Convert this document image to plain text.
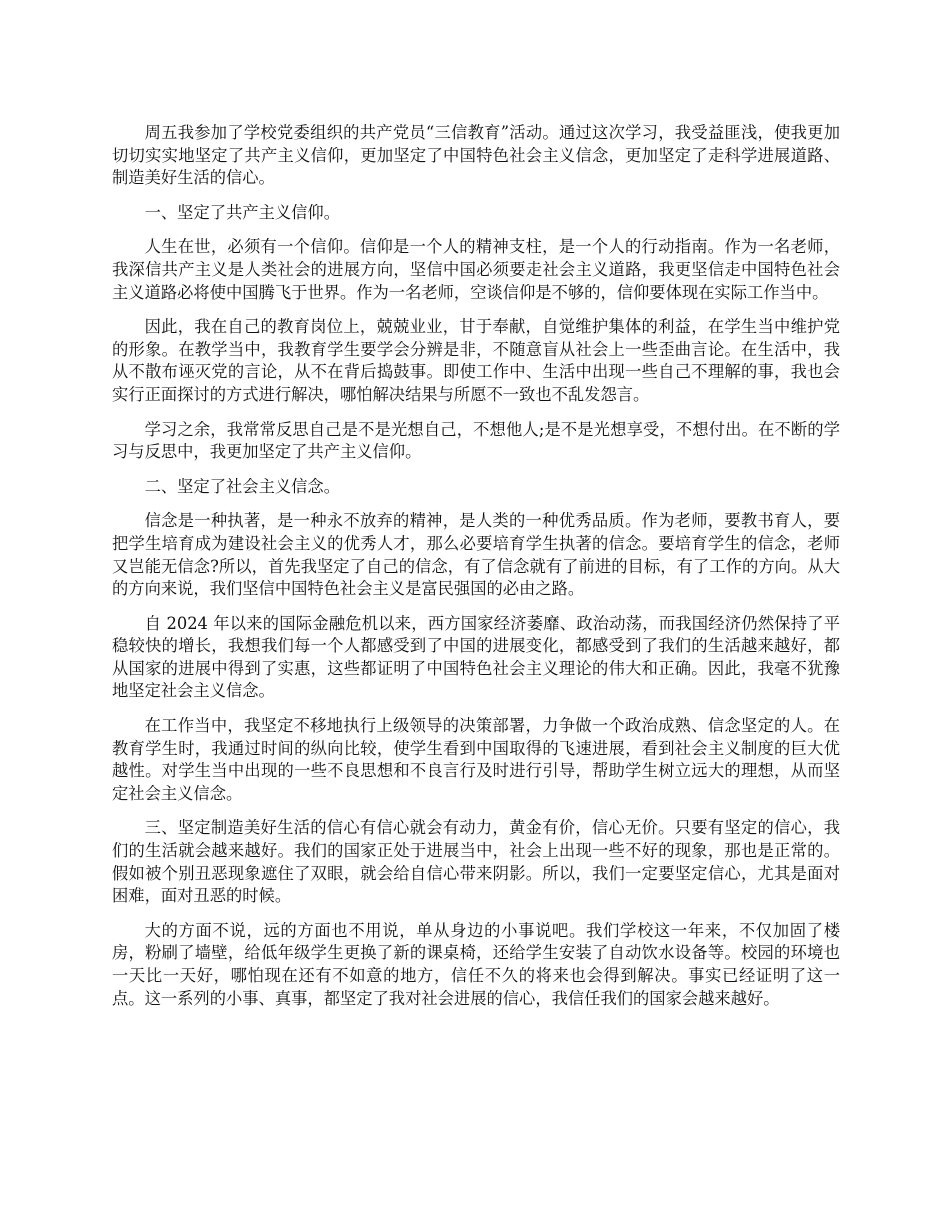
周五我参加了学校党委组织的共产党员“三信教育”活动。通过这次学习，我受益匪浅，使我更加切切实实地坚定了共产主义信仰，更加坚定了中国特色社会主义信念，更加坚定了走科学进展道路、制造美好生活的信心。

一、坚定了共产主义信仰。

人生在世，必须有一个信仰。信仰是一个人的精神支柱，是一个人的行动指南。作为一名老师，我深信共产主义是人类社会的进展方向，坚信中国必须要走社会主义道路，我更坚信走中国特色社会主义道路必将使中国腾飞于世界。作为一名老师，空谈信仰是不够的，信仰要体现在实际工作当中。

因此，我在自己的教育岗位上，兢兢业业，甘于奉献，自觉维护集体的利益，在学生当中维护党的形象。在教学当中，我教育学生要学会分辨是非，不随意盲从社会上一些歪曲言论。在生活中，我从不散布诬灭党的言论，从不在背后捣鼓事。即使工作中、生活中出现一些自己不理解的事，我也会实行正面探讨的方式进行解决，哪怕解决结果与所愿不一致也不乱发怨言。

学习之余，我常常反思自己是不是光想自己，不想他人;是不是光想享受，不想付出。在不断的学习与反思中，我更加坚定了共产主义信仰。

二、坚定了社会主义信念。

信念是一种执著，是一种永不放弃的精神，是人类的一种优秀品质。作为老师，要教书育人，要把学生培育成为建设社会主义的优秀人才，那么必要培育学生执著的信念。要培育学生的信念，老师又岂能无信念?所以，首先我坚定了自己的信念，有了信念就有了前进的目标，有了工作的方向。从大的方向来说，我们坚信中国特色社会主义是富民强国的必由之路。

自 2024 年以来的国际金融危机以来，西方国家经济萎靡、政治动荡，而我国经济仍然保持了平稳较快的增长，我想我们每一个人都感受到了中国的进展变化，都感受到了我们的生活越来越好，都从国家的进展中得到了实惠，这些都证明了中国特色社会主义理论的伟大和正确。因此，我毫不犹豫地坚定社会主义信念。

在工作当中，我坚定不移地执行上级领导的决策部署，力争做一个政治成熟、信念坚定的人。在教育学生时，我通过时间的纵向比较，使学生看到中国取得的飞速进展，看到社会主义制度的巨大优越性。对学生当中出现的一些不良思想和不良言行及时进行引导，帮助学生树立远大的理想，从而坚定社会主义信念。

三、坚定制造美好生活的信心有信心就会有动力，黄金有价，信心无价。只要有坚定的信心，我们的生活就会越来越好。我们的国家正处于进展当中，社会上出现一些不好的现象，那也是正常的。假如被个别丑恶现象遮住了双眼，就会给自信心带来阴影。所以，我们一定要坚定信心，尤其是面对困难，面对丑恶的时候。

大的方面不说，远的方面也不用说，单从身边的小事说吧。我们学校这一年来，不仅加固了楼房，粉刷了墙壁，给低年级学生更换了新的课桌椅，还给学生安装了自动饮水设备等。校园的环境也一天比一天好，哪怕现在还有不如意的地方，信任不久的将来也会得到解决。事实已经证明了这一点。这一系列的小事、真事，都坚定了我对社会进展的信心，我信任我们的国家会越来越好。
